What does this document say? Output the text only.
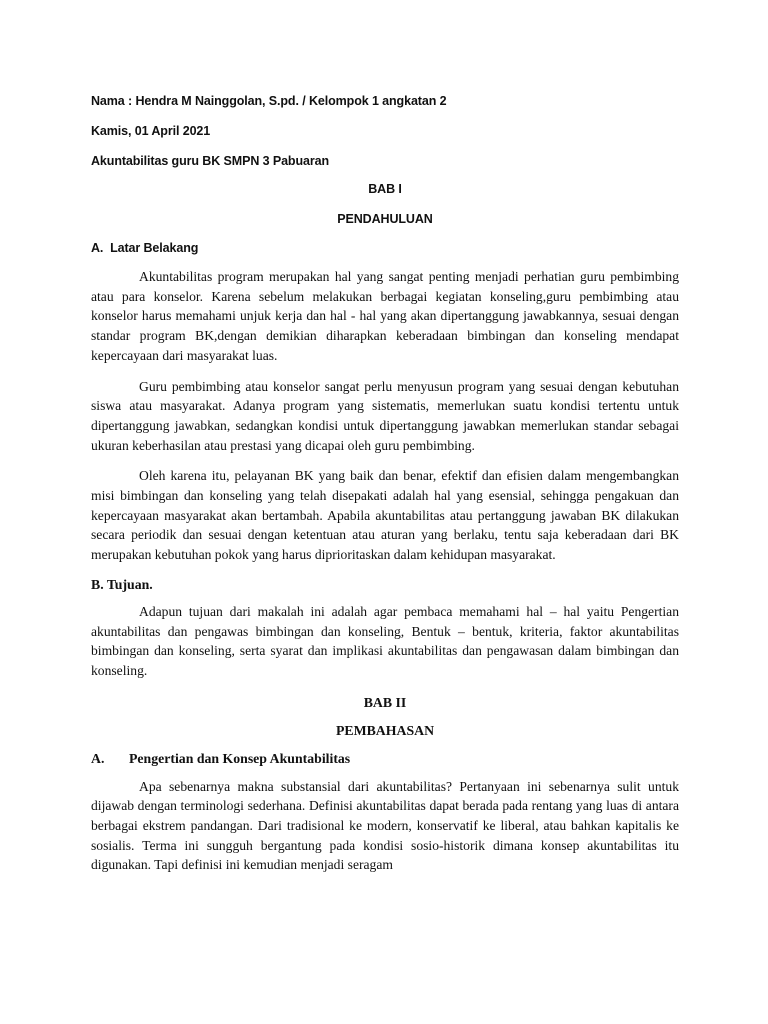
Nama : Hendra M Nainggolan, S.pd. / Kelompok 1 angkatan 2

Kamis, 01 April 2021

Akuntabilitas guru BK SMPN 3 Pabuaran

BAB I

PENDAHULUAN

A. Latar Belakang

Akuntabilitas program merupakan hal yang sangat penting menjadi perhatian guru pembimbing atau para konselor. Karena sebelum melakukan berbagai kegiatan konseling,guru pembimbing atau konselor harus memahami unjuk kerja dan hal - hal yang akan dipertanggung jawabkannya, sesuai dengan standar program BK,dengan demikian diharapkan keberadaan bimbingan dan konseling mendapat kepercayaan dari masyarakat luas.

Guru pembimbing atau konselor sangat perlu menyusun program yang sesuai dengan kebutuhan siswa atau masyarakat. Adanya program yang sistematis, memerlukan suatu kondisi tertentu untuk dipertanggung jawabkan, sedangkan kondisi untuk dipertanggung jawabkan memerlukan standar sebagai ukuran keberhasilan atau prestasi yang dicapai oleh guru pembimbing.

Oleh karena itu, pelayanan BK yang baik dan benar, efektif dan efisien dalam mengembangkan misi bimbingan dan konseling yang telah disepakati adalah hal yang esensial, sehingga pengakuan dan kepercayaan masyarakat akan bertambah. Apabila akuntabilitas atau pertanggung jawaban BK dilakukan secara periodik dan sesuai dengan ketentuan atau aturan yang berlaku, tentu saja keberadaan dari BK merupakan kebutuhan pokok yang harus diprioritaskan dalam kehidupan masyarakat.

B. Tujuan.

Adapun tujuan dari makalah ini adalah agar pembaca memahami hal – hal yaitu Pengertian akuntabilitas dan pengawas bimbingan dan konseling, Bentuk – bentuk, kriteria, faktor akuntabilitas bimbingan dan konseling, serta syarat dan implikasi akuntabilitas dan pengawasan dalam bimbingan dan konseling.

BAB II

PEMBAHASAN

A.	Pengertian dan Konsep Akuntabilitas

Apa sebenarnya makna substansial dari akuntabilitas? Pertanyaan ini sebenarnya sulit untuk dijawab dengan terminologi sederhana. Definisi akuntabilitas dapat berada pada rentang yang luas di antara berbagai ekstrem pandangan. Dari tradisional ke modern, konservatif ke liberal, atau bahkan kapitalis ke sosialis. Terma ini sungguh bergantung pada kondisi sosio-historik dimana konsep akuntabilitas itu digunakan. Tapi definisi ini kemudian menjadi seragam
